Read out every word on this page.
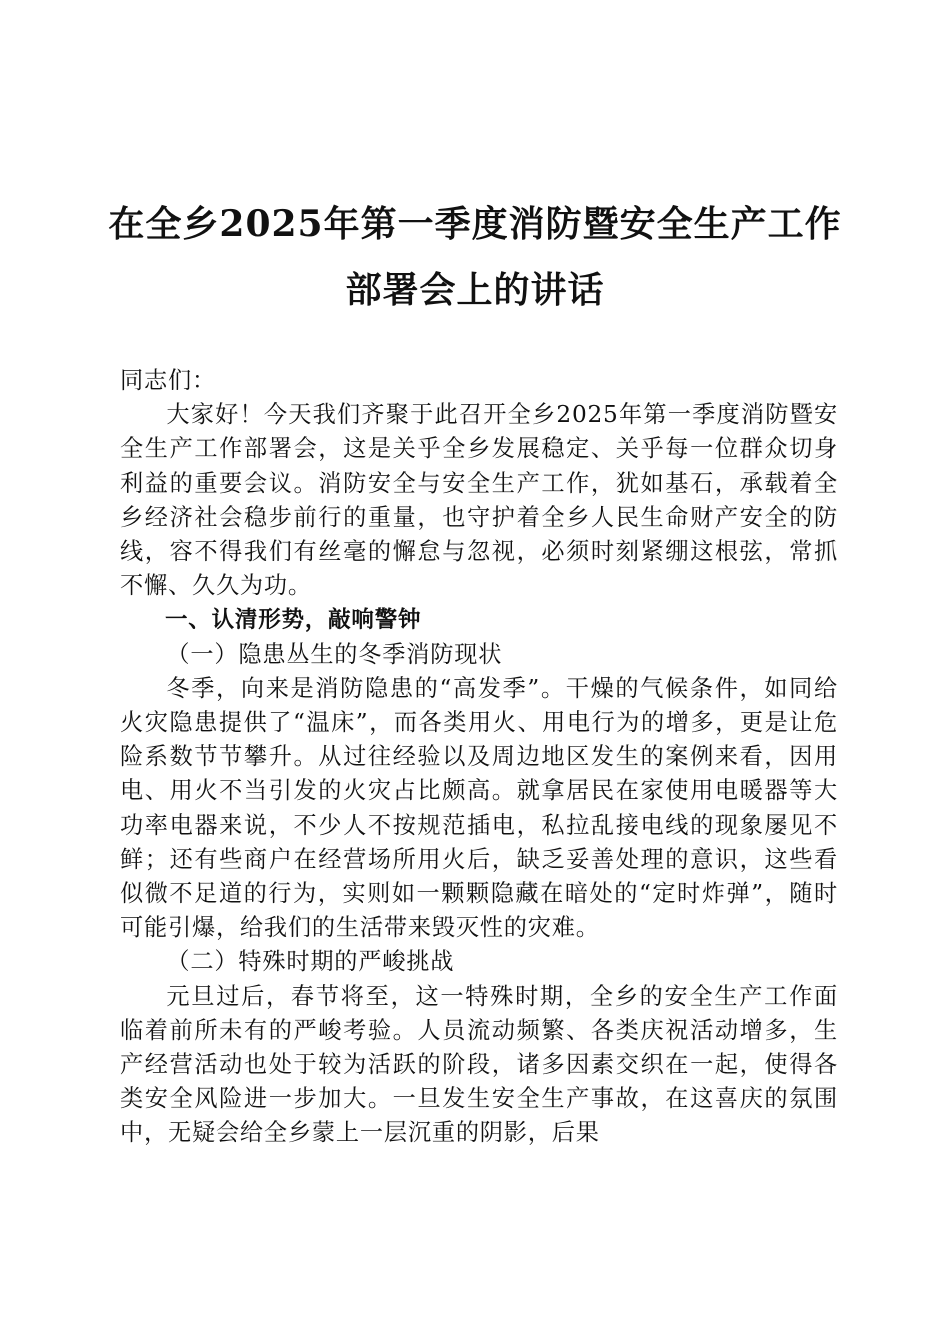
在全乡2025年第一季度消防暨安全生产工作
部署会上的讲话

同志们：

大家好！今天我们齐聚于此召开全乡2025年第一季度消防暨安全生产工作部署会，这是关乎全乡发展稳定、关乎每一位群众切身利益的重要会议。消防安全与安全生产工作，犹如基石，承载着全乡经济社会稳步前行的重量，也守护着全乡人民生命财产安全的防线，容不得我们有丝毫的懈怠与忽视，必须时刻紧绷这根弦，常抓不懈、久久为功。

一、认清形势，敲响警钟

（一）隐患丛生的冬季消防现状

冬季，向来是消防隐患的“高发季”。干燥的气候条件，如同给火灾隐患提供了“温床”，而各类用火、用电行为的增多，更是让危险系数节节攀升。从过往经验以及周边地区发生的案例来看，因用电、用火不当引发的火灾占比颇高。就拿居民在家使用电暖器等大功率电器来说，不少人不按规范插电，私拉乱接电线的现象屡见不鲜；还有些商户在经营场所用火后，缺乏妥善处理的意识，这些看似微不足道的行为，实则如一颗颗隐藏在暗处的“定时炸弹”，随时可能引爆，给我们的生活带来毁灭性的灾难。

（二）特殊时期的严峻挑战

元旦过后，春节将至，这一特殊时期，全乡的安全生产工作面临着前所未有的严峻考验。人员流动频繁、各类庆祝活动增多，生产经营活动也处于较为活跃的阶段，诸多因素交织在一起，使得各类安全风险进一步加大。一旦发生安全生产事故，在这喜庆的氛围中，无疑会给全乡蒙上一层沉重的阴影，后果
